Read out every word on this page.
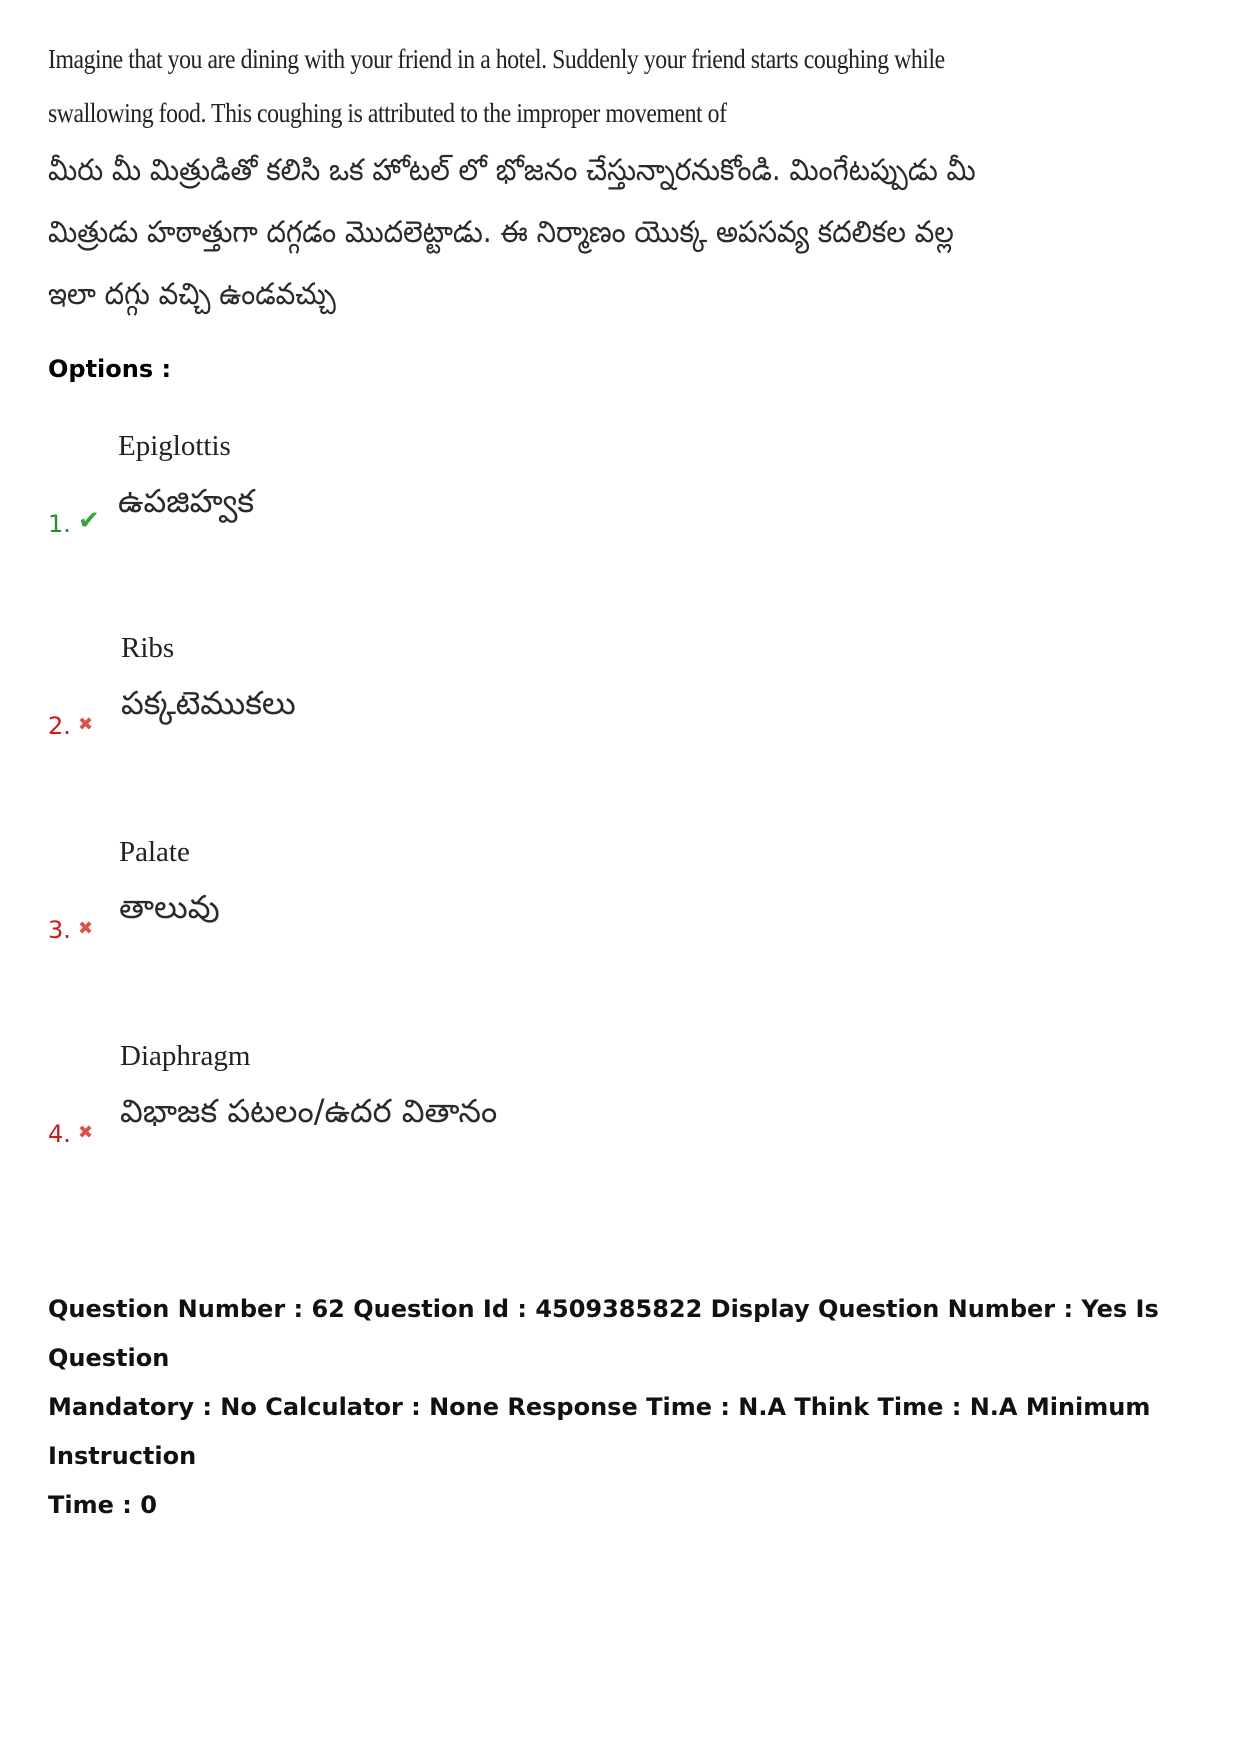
Imagine that you are dining with your friend in a hotel. Suddenly your friend starts coughing while
swallowing food. This coughing is attributed to the improper movement of
మీరు మీ మిత్రుడితో కలిసి ఒక హోటల్ లో భోజనం చేస్తున్నారనుకోండి. మింగేటప్పుడు మీ
మిత్రుడు హఠాత్తుగా దగ్గడం మొదలెట్టాడు. ఈ నిర్మాణం యొక్క అపసవ్య కదలికల వల్ల
ఇలా దగ్గు వచ్చి ఉండవచ్చు
Options :
Epiglottis
ఉపజిహ్వక
1. ✔
Ribs
పక్కటెముకలు
2. ✖
Palate
తాలువు
3. ✖
Diaphragm
విభాజక పటలం/ఉదర వితానం
4. ✖
Question Number : 62 Question Id : 4509385822 Display Question Number : Yes Is Question
Mandatory : No Calculator : None Response Time : N.A Think Time : N.A Minimum Instruction
Time : 0
